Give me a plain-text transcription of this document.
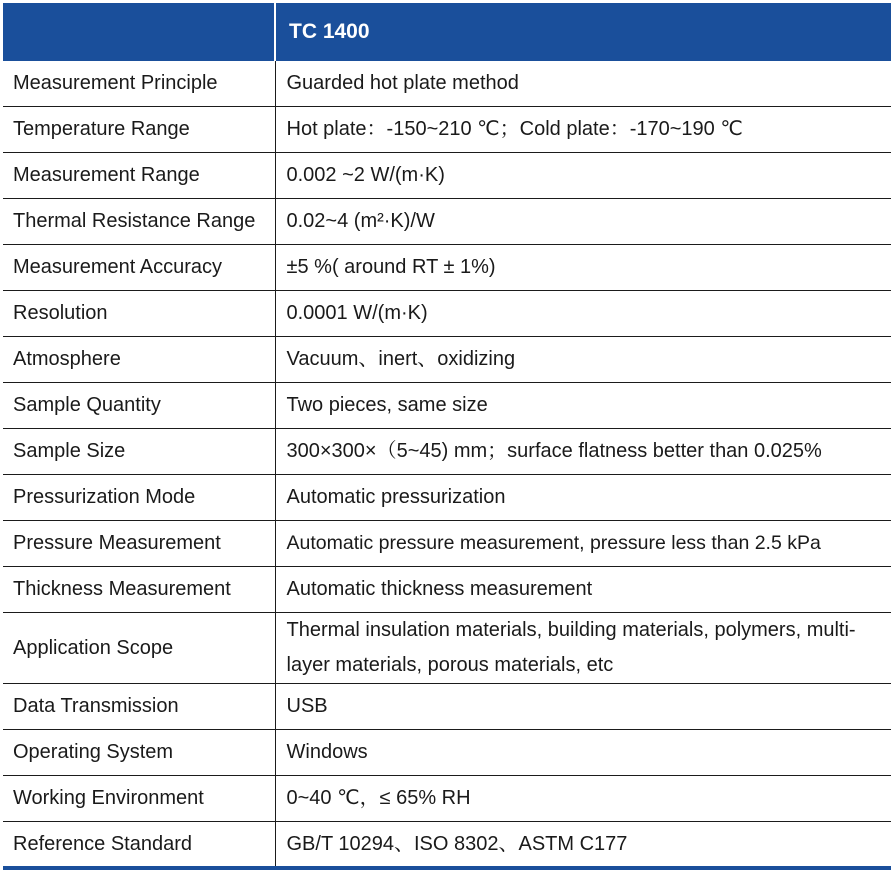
	TC 1400
Measurement Principle	Guarded hot plate method
Temperature Range	Hot plate：-150~210 ℃；Cold plate：-170~190 ℃
Measurement Range	0.002 ~2 W/(m·K)
Thermal Resistance Range	0.02~4 (m²·K)/W
Measurement Accuracy	±5 %( around RT ± 1%)
Resolution	0.0001 W/(m·K)
Atmosphere	Vacuum、inert、oxidizing
Sample Quantity	Two pieces, same size
Sample Size	300×300×（5~45) mm；surface flatness better than 0.025%
Pressurization Mode	Automatic pressurization
Pressure Measurement	Automatic pressure measurement, pressure less than 2.5 kPa
Thickness Measurement	Automatic thickness measurement
Application Scope	Thermal insulation materials, building materials, polymers, multi-layer materials, porous materials, etc
Data Transmission	USB
Operating System	Windows
Working Environment	0~40 ℃，≤ 65% RH
Reference Standard	GB/T 10294、ISO 8302、ASTM C177
